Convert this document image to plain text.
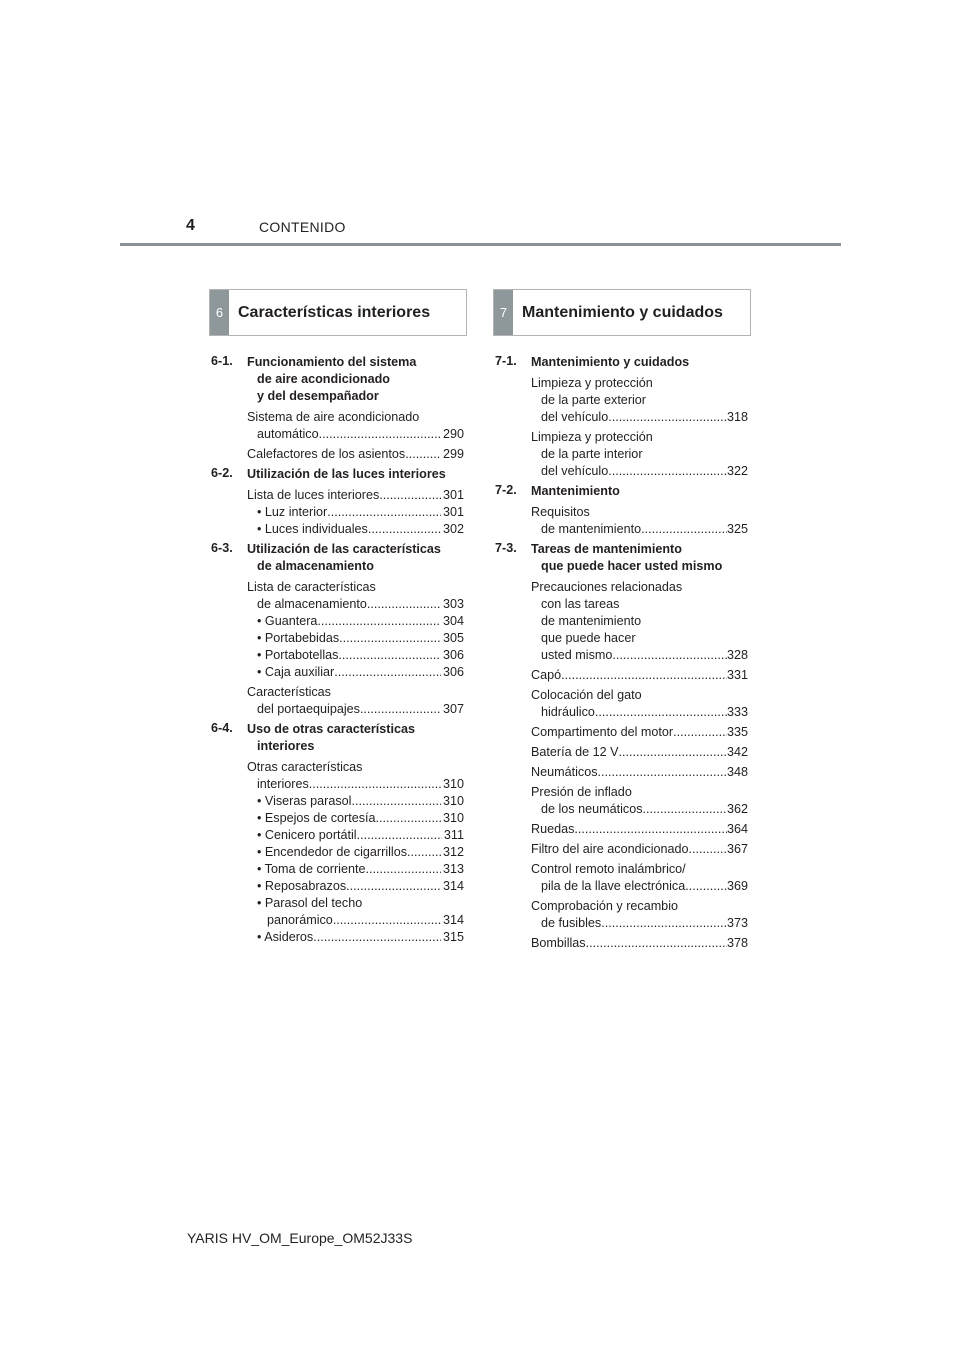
4	CONTENIDO
6 Características interiores	7 Mantenimiento y cuidados
6-1. Funcionamiento del sistema
de aire acondicionado
y del desempañador
Sistema de aire acondicionado
automático .....	290
Calefactores de los asientos .....	299
6-2. Utilización de las luces interiores
Lista de luces interiores .....	301
• Luz interior .....	301
• Luces individuales .....	302
6-3. Utilización de las características
de almacenamiento
Lista de características
de almacenamiento .....	303
• Guantera .....	304
• Portabebidas .....	305
• Portabotellas .....	306
• Caja auxiliar .....	306
Características
del portaequipajes .....	307
6-4. Uso de otras características
interiores
Otras características
interiores .....	310
• Viseras parasol .....	310
• Espejos de cortesía .....	310
• Cenicero portátil .....	311
• Encendedor de cigarrillos .....	312
• Toma de corriente .....	313
• Reposabrazos .....	314
• Parasol del techo
panorámico .....	314
• Asideros .....	315
7-1. Mantenimiento y cuidados
Limpieza y protección
de la parte exterior
del vehículo .....	318
Limpieza y protección
de la parte interior
del vehículo .....	322
7-2. Mantenimiento
Requisitos
de mantenimiento .....	325
7-3. Tareas de mantenimiento
que puede hacer usted mismo
Precauciones relacionadas
con las tareas
de mantenimiento
que puede hacer
usted mismo .....	328
Capó .....	331
Colocación del gato
hidráulico .....	333
Compartimento del motor .....	335
Batería de 12 V .....	342
Neumáticos .....	348
Presión de inflado
de los neumáticos .....	362
Ruedas .....	364
Filtro del aire acondicionado .....	367
Control remoto inalámbrico/
pila de la llave electrónica .....	369
Comprobación y recambio
de fusibles .....	373
Bombillas .....	378
YARIS HV_OM_Europe_OM52J33S
